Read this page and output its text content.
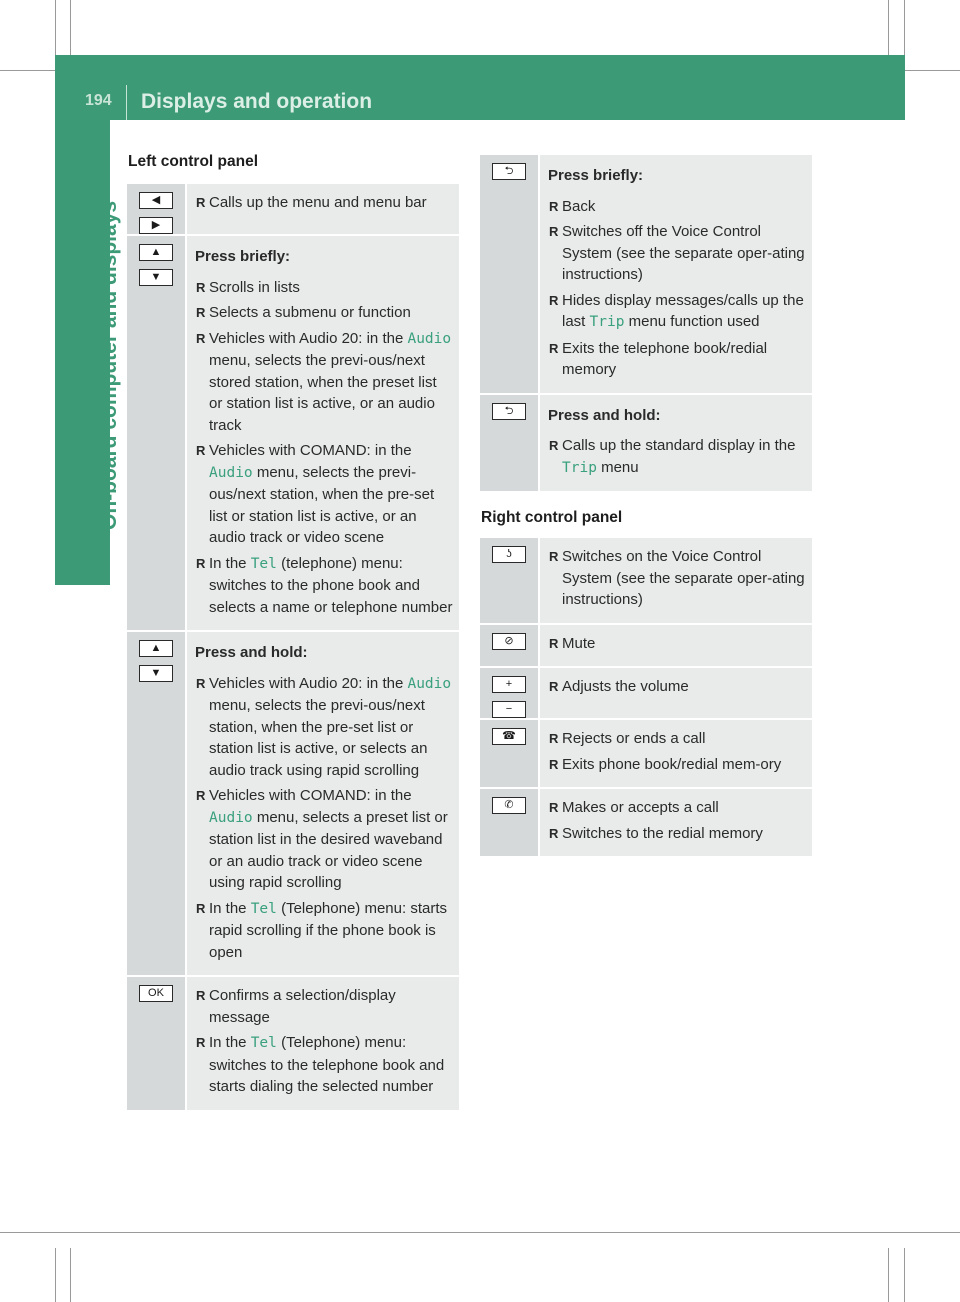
194 Displays and operation
On-board computer and displays
Left control panel
◀
▶
R Calls up the menu and menu bar
▲
▼
Press briefly:
R Scrolls in lists
R Selects a submenu or function
R Vehicles with Audio 20: in the Audio menu, selects the previ-ous/next stored station, when the preset list or station list is active, or an audio track
R Vehicles with COMAND: in the Audio menu, selects the previ-ous/next station, when the pre-set list or station list is active, or an audio track or video scene
R In the Tel (telephone) menu: switches to the phone book and selects a name or telephone number
▲
▼
Press and hold:
R Vehicles with Audio 20: in the Audio menu, selects the previ-ous/next station, when the pre-set list or station list is active, or selects an audio track using rapid scrolling
R Vehicles with COMAND: in the Audio menu, selects a preset list or station list in the desired waveband or an audio track or video scene using rapid scrolling
R In the Tel (Telephone) menu: starts rapid scrolling if the phone book is open
OK	R Confirms a selection/display message
R In the Tel (Telephone) menu: switches to the telephone book and starts dialing the selected number
⮌	Press briefly:
R Back
R Switches off the Voice Control System (see the separate oper-ating instructions)
R Hides display messages/calls up the last Trip menu function used
R Exits the telephone book/redial memory
⮌	Press and hold:
R Calls up the standard display in the Trip menu
Right control panel
ʖ	R Switches on the Voice Control System (see the separate oper-ating instructions)
⊘	R Mute
+
−
R Adjusts the volume
☎	R Rejects or ends a call
R Exits phone book/redial mem-ory
✆	R Makes or accepts a call
R Switches to the redial memory
